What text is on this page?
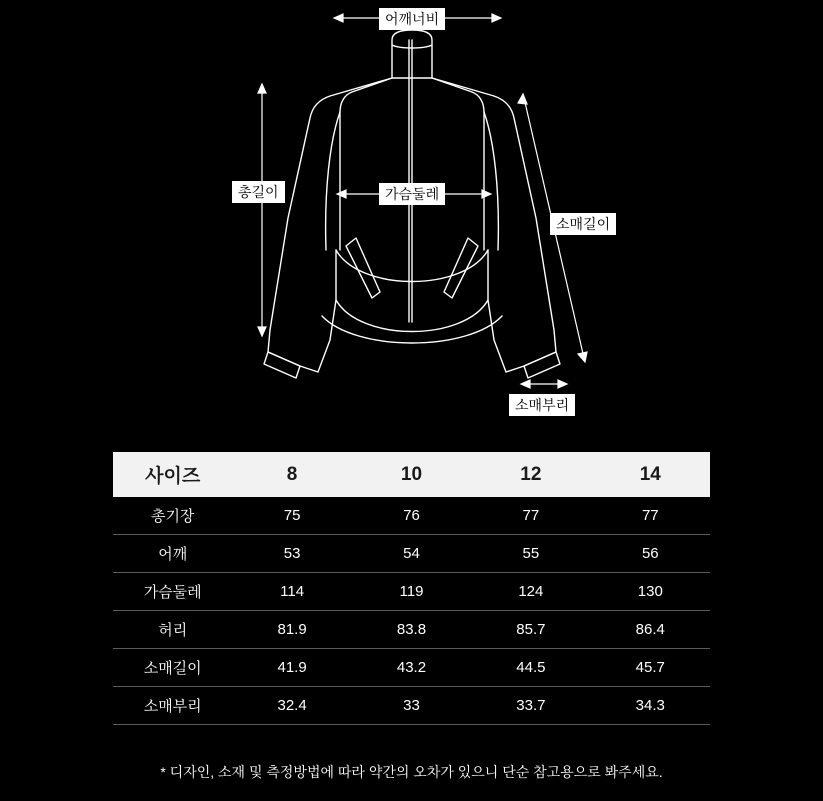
어깨너비
총길이	가슴둘레
소매길이
소매부리
사이즈	8	10	12	14
총기장	75	76	77	77
어깨	53	54	55	56
가슴둘레	114	119	124	130
허리	81.9	83.8	85.7	86.4
소매길이	41.9	43.2	44.5	45.7
소매부리	32.4	33	33.7	34.3
* 디자인, 소재 및 측정방법에 따라 약간의 오차가 있으니 단순 참고용으로 봐주세요.
